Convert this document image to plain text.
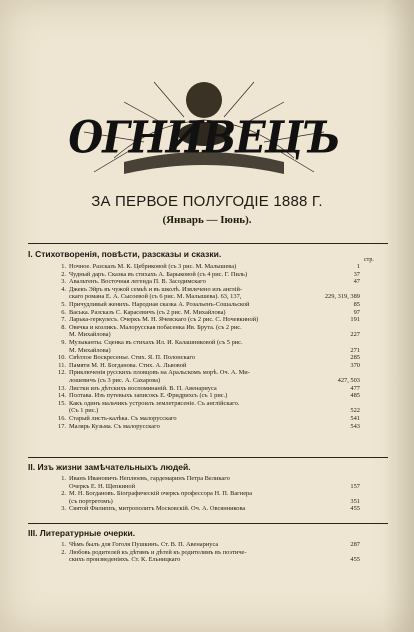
ОГНИВЕЦЪ
ЗА ПЕРВОЕ ПОЛУГОДІЕ 1888 Г.
(Январь — Іюнь).
I. Стихотворенія, повѣсти, разсказы и сказки.
стр.
1. Ночное. Разсказъ М. К. Цебриковой (съ 3 рис. М. Малышева)	1
2. Чудный даръ. Сказка въ стихахъ А. Барыковой (съ 4 рис. Г. Пиль)	37
3. Авальтенъ. Восточная легенда П. В. Засодимскаго	47
4. Джекъ Эйръ въ чужой семьѣ и въ школѣ. Извлечено изъ англій-
скаго романа Е. А. Сысоевой (съ 6 рис. М. Малышева). 63, 137,	229, 319, 389
5. Причудливый женихъ. Народная сказка А. Розальенъ-Сошальской	85
6. Васька. Разсказъ С. Карасевичъ (съ 2 рис. М. Михайлова)	97
7. Ларька-геркулесъ. Очеркъ М. Н. Ячевскаго (съ 2 рис. С. Ночевкиной)	191
8. Овечка и козликъ. Малорусская побасенка Ив. Брута. (съ 2 рис.
М. Михайлова)	227
9. Музыканты. Сценка въ стихахъ Ил. И. Калашниковой (съ 5 рис.
М. Михайлова)	271
10. Свѣтлое Воскресенье. Стих. Я. П. Полонскаго	285
11. Памяти М. Н. Богданова. Стих. А. Львовой	370
12. Приключенія русскихъ пловцовъ на Аральскомъ морѣ. Оч. А. Ми-
лошевичъ (съ 3 рис. А. Сахарова)	427, 503
13. Листки изъ дѣтскихъ воспоминаній. В. П. Авенариуса	477
14. Полтава. Изъ путевыхъ записокъ Е. Фридрихсъ (съ 1 рис.)	485
15. Какъ одинъ мальчикъ устроилъ землетрясеніе. Съ англійскаго.
(Съ 1 рис.)	522
16. Старый листъ-калѣка. Съ малорусскаго	541
17. Малярь Кузьма. Съ малорусскаго	543
II. Изъ жизни замѣчательныхъ людей.
1. Иванъ Ивановичъ Неплюевъ, гардемаринъ Петра Великаго
Очеркъ Е. Н. Щепкиной	157
2. М. Н. Богдановъ. Біографическій очеркъ профессора Н. П. Вагнера
(съ портретомъ)	351
3. Святой Филиппъ, митрополитъ Московскій. Оч. А. Овсянникова	455
III. Литературные очерки.
1. Чѣмъ былъ для Гоголя Пушкинъ. Ст. В. П. Авенариуса	287
2. Любовь родителей къ дѣтямъ и дѣтей къ родителямъ въ поэтиче-
скихъ произведеніяхъ. Ст. К. Ельницкаго	455
